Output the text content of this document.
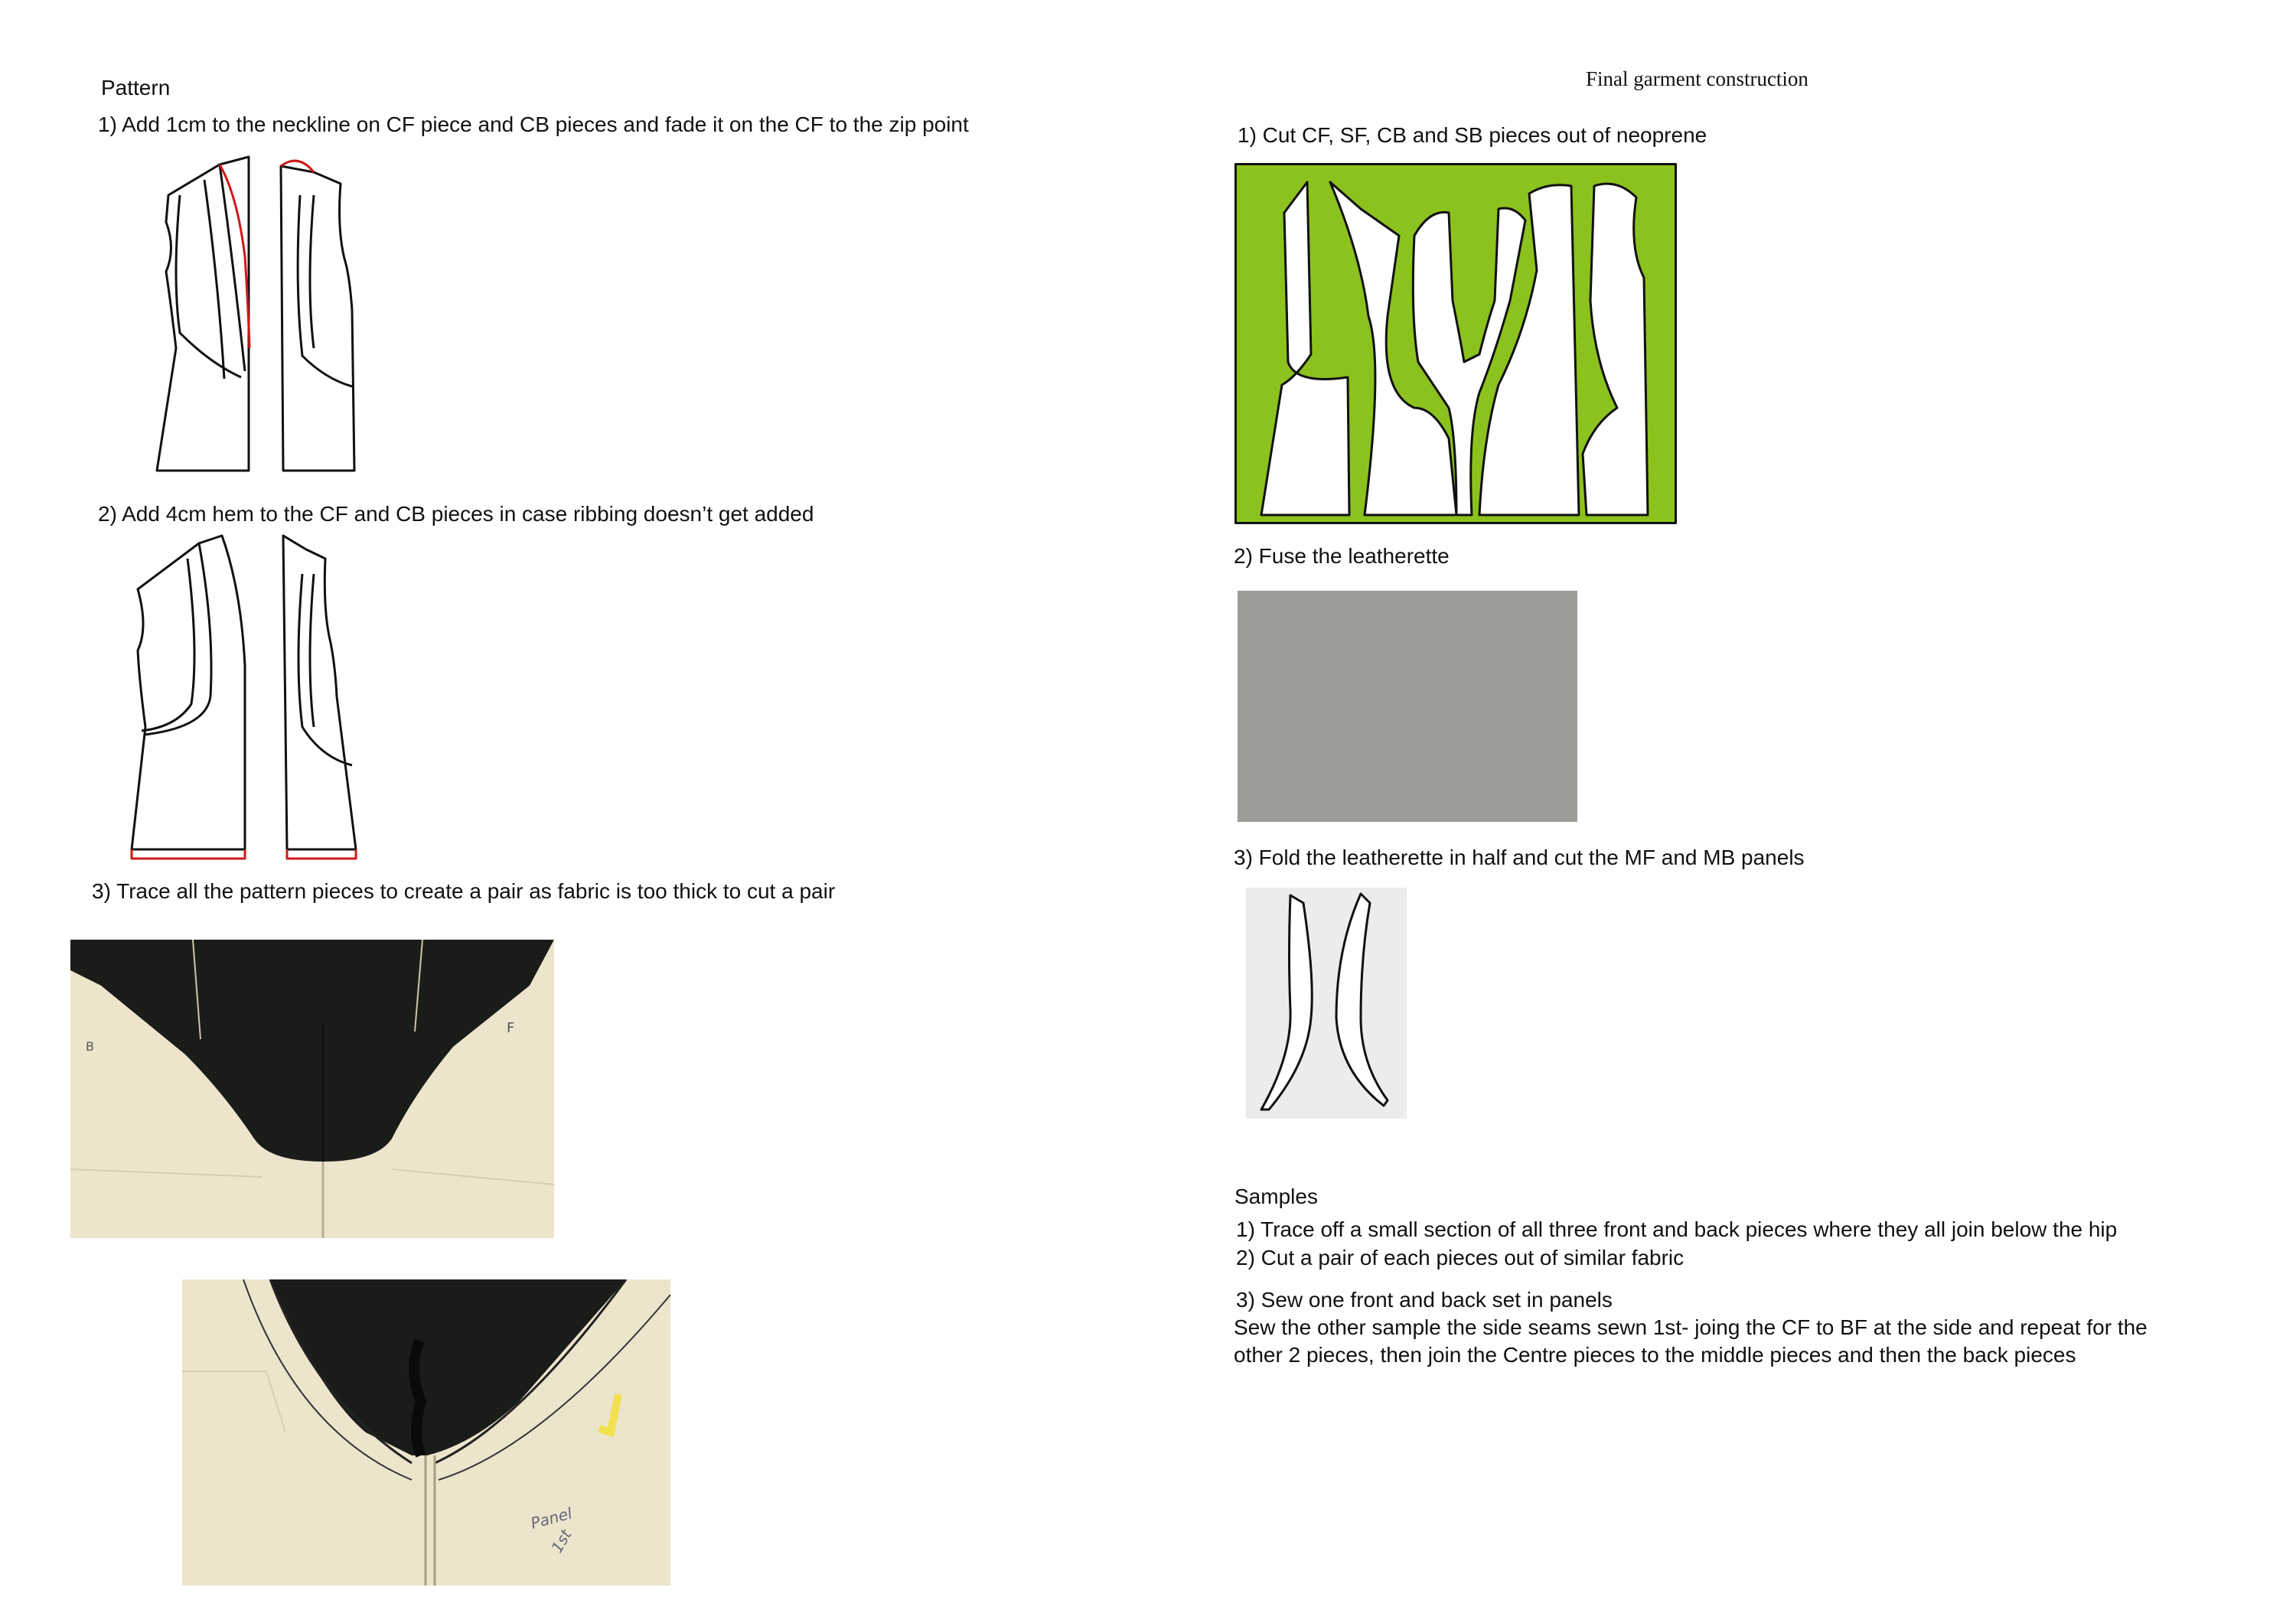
Pattern
1) Add 1cm to the neckline on CF piece and CB pieces and fade it on the CF to the zip point
2) Add 4cm hem to the CF and CB pieces in case ribbing doesn’t get added
3) Trace all the pattern pieces to create a pair as fabric is too thick to cut a pair
B
F
Panel
1st
Final garment construction
1) Cut CF, SF, CB and SB pieces out of neoprene
2) Fuse the leatherette
3) Fold the leatherette in half and cut the MF and MB panels
Samples
1) Trace off a small section of all three front and back pieces where they all join below the hip
2) Cut a pair of each pieces out of similar fabric
3) Sew one front and back set in panels
Sew the other sample the side seams sewn 1st- joing the CF to BF at the side and repeat for the
other 2 pieces, then join the Centre pieces to the middle pieces and then the back pieces
